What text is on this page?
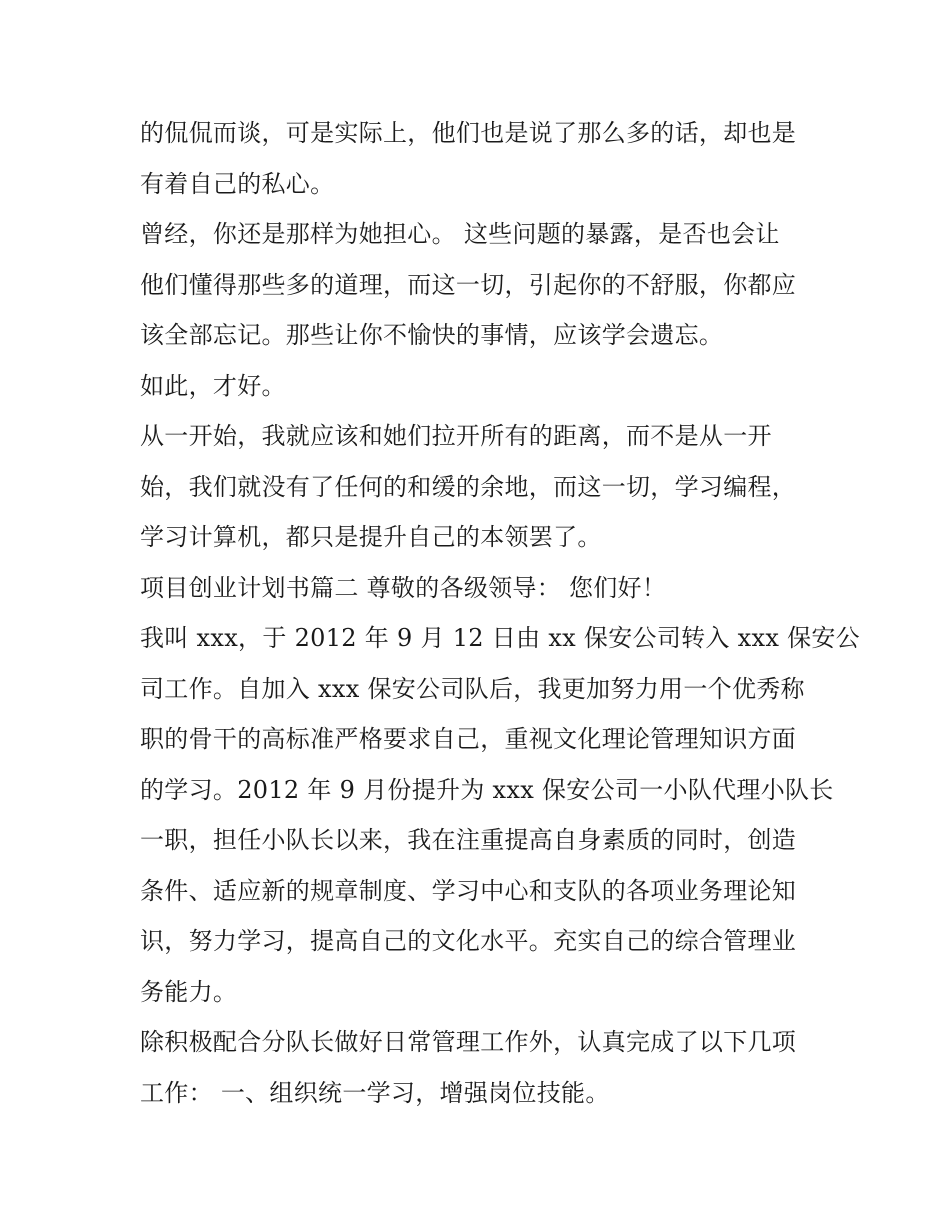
的侃侃而谈，可是实际上，他们也是说了那么多的话，却也是
有着自己的私心。
曾经，你还是那样为她担心。 这些问题的暴露，是否也会让
他们懂得那些多的道理，而这一切，引起你的不舒服，你都应
该全部忘记。那些让你不愉快的事情，应该学会遗忘。
如此，才好。
从一开始，我就应该和她们拉开所有的距离，而不是从一开
始，我们就没有了任何的和缓的余地，而这一切，学习编程，
学习计算机，都只是提升自己的本领罢了。
项目创业计划书篇二 尊敬的各级领导： 您们好！
我叫 xxx，于 2012 年 9 月 12 日由 xx 保安公司转入 xxx 保安公
司工作。自加入 xxx 保安公司队后，我更加努力用一个优秀称
职的骨干的高标准严格要求自己，重视文化理论管理知识方面
的学习。2012 年 9 月份提升为 xxx 保安公司一小队代理小队长
一职，担任小队长以来，我在注重提高自身素质的同时，创造
条件、适应新的规章制度、学习中心和支队的各项业务理论知
识，努力学习，提高自己的文化水平。充实自己的综合管理业
务能力。
除积极配合分队长做好日常管理工作外，认真完成了以下几项
工作： 一、组织统一学习，增强岗位技能。
